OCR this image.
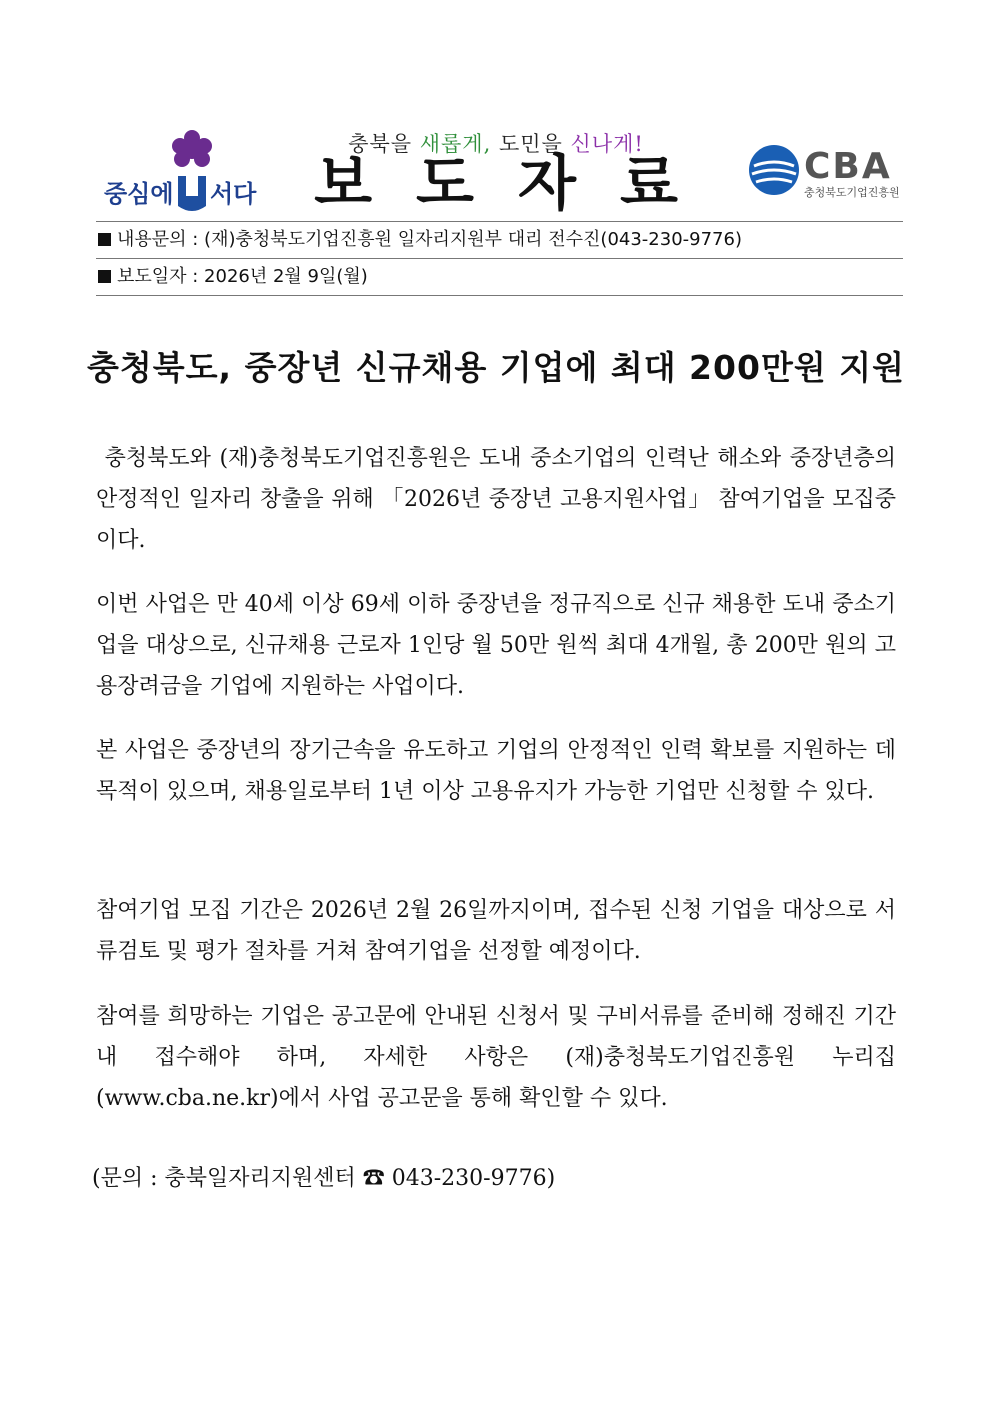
중심에 서다
충북을 새롭게, 도민을 신나게!
보도자료	CBA
충청북도기업진흥원
내용문의 : (재)충청북도기업진흥원 일자리지원부 대리 전수진(043-230-9776)
보도일자 : 2026년 2월 9일(월)
충청북도, 중장년 신규채용 기업에 최대 200만원 지원

충청북도와 (재)충청북도기업진흥원은 도내 중소기업의 인력난 해소와 중장년층의 안정적인 일자리 창출을 위해 「2026년 중장년 고용지원사업」 참여기업을 모집중이다.

이번 사업은 만 40세 이상 69세 이하 중장년을 정규직으로 신규 채용한 도내 중소기업을 대상으로, 신규채용 근로자 1인당 월 50만 원씩 최대 4개월, 총 200만 원의 고용장려금을 기업에 지원하는 사업이다.

본 사업은 중장년의 장기근속을 유도하고 기업의 안정적인 인력 확보를 지원하는 데 목적이 있으며, 채용일로부터 1년 이상 고용유지가 가능한 기업만 신청할 수 있다.

참여기업 모집 기간은 2026년 2월 26일까지이며, 접수된 신청 기업을 대상으로 서류검토 및 평가 절차를 거쳐 참여기업을 선정할 예정이다.

참여를 희망하는 기업은 공고문에 안내된 신청서 및 구비서류를 준비해 정해진 기간 내 접수해야 하며, 자세한 사항은 (재)충청북도기업진흥원 누리집(www.cba.ne.kr)에서 사업 공고문을 통해 확인할 수 있다.

(문의 : 충북일자리지원센터 ☎ 043-230-9776)
